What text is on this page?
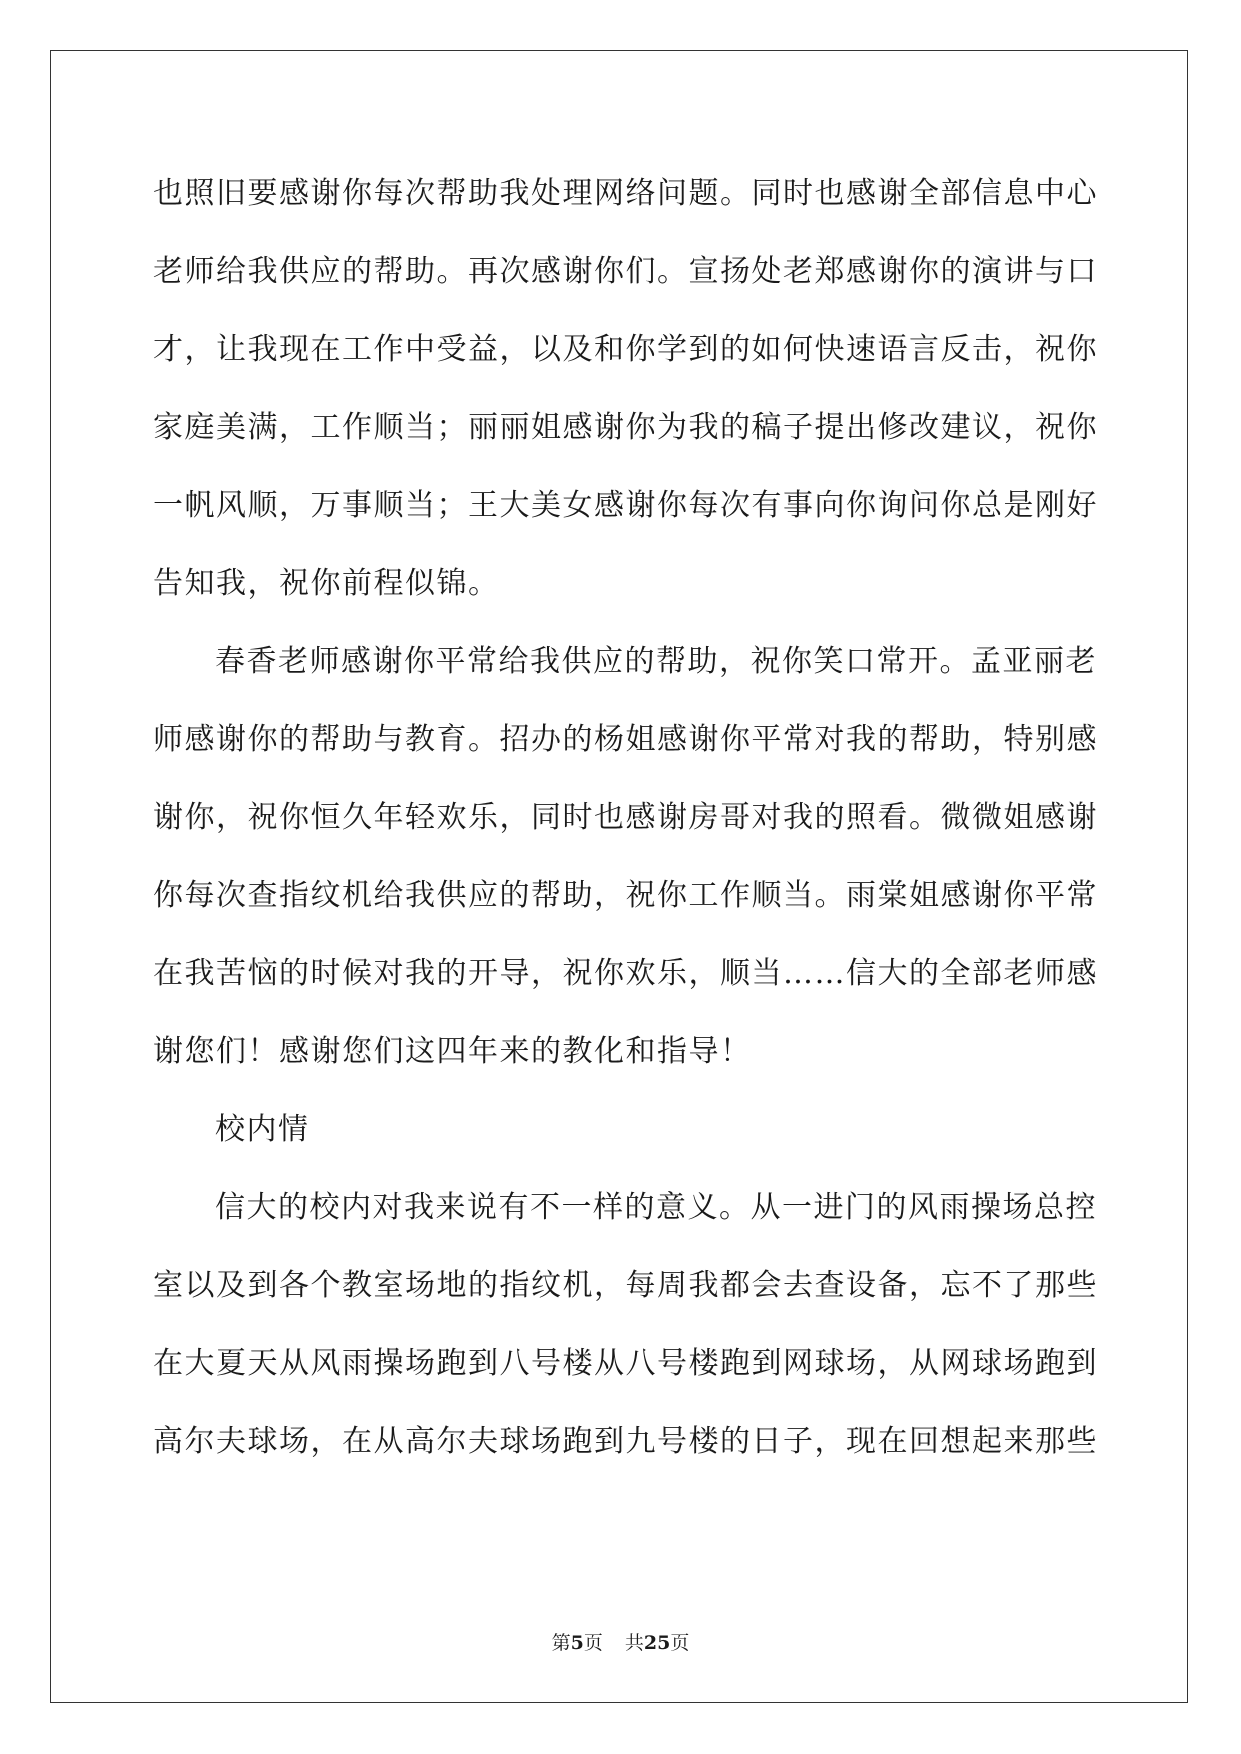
也照旧要感谢你每次帮助我处理网络问题。同时也感谢全部信息中心
老师给我供应的帮助。再次感谢你们。宣扬处老郑感谢你的演讲与口
才，让我现在工作中受益，以及和你学到的如何快速语言反击，祝你
家庭美满，工作顺当；丽丽姐感谢你为我的稿子提出修改建议，祝你
一帆风顺，万事顺当；王大美女感谢你每次有事向你询问你总是刚好
告知我，祝你前程似锦。
春香老师感谢你平常给我供应的帮助，祝你笑口常开。孟亚丽老
师感谢你的帮助与教育。招办的杨姐感谢你平常对我的帮助，特别感
谢你，祝你恒久年轻欢乐，同时也感谢房哥对我的照看。微微姐感谢
你每次查指纹机给我供应的帮助，祝你工作顺当。雨棠姐感谢你平常
在我苦恼的时候对我的开导，祝你欢乐，顺当……信大的全部老师感
谢您们！感谢您们这四年来的教化和指导！
校内情
信大的校内对我来说有不一样的意义。从一进门的风雨操场总控
室以及到各个教室场地的指纹机，每周我都会去查设备，忘不了那些
在大夏天从风雨操场跑到八号楼从八号楼跑到网球场，从网球场跑到
高尔夫球场，在从高尔夫球场跑到九号楼的日子，现在回想起来那些
第5页 共25页
